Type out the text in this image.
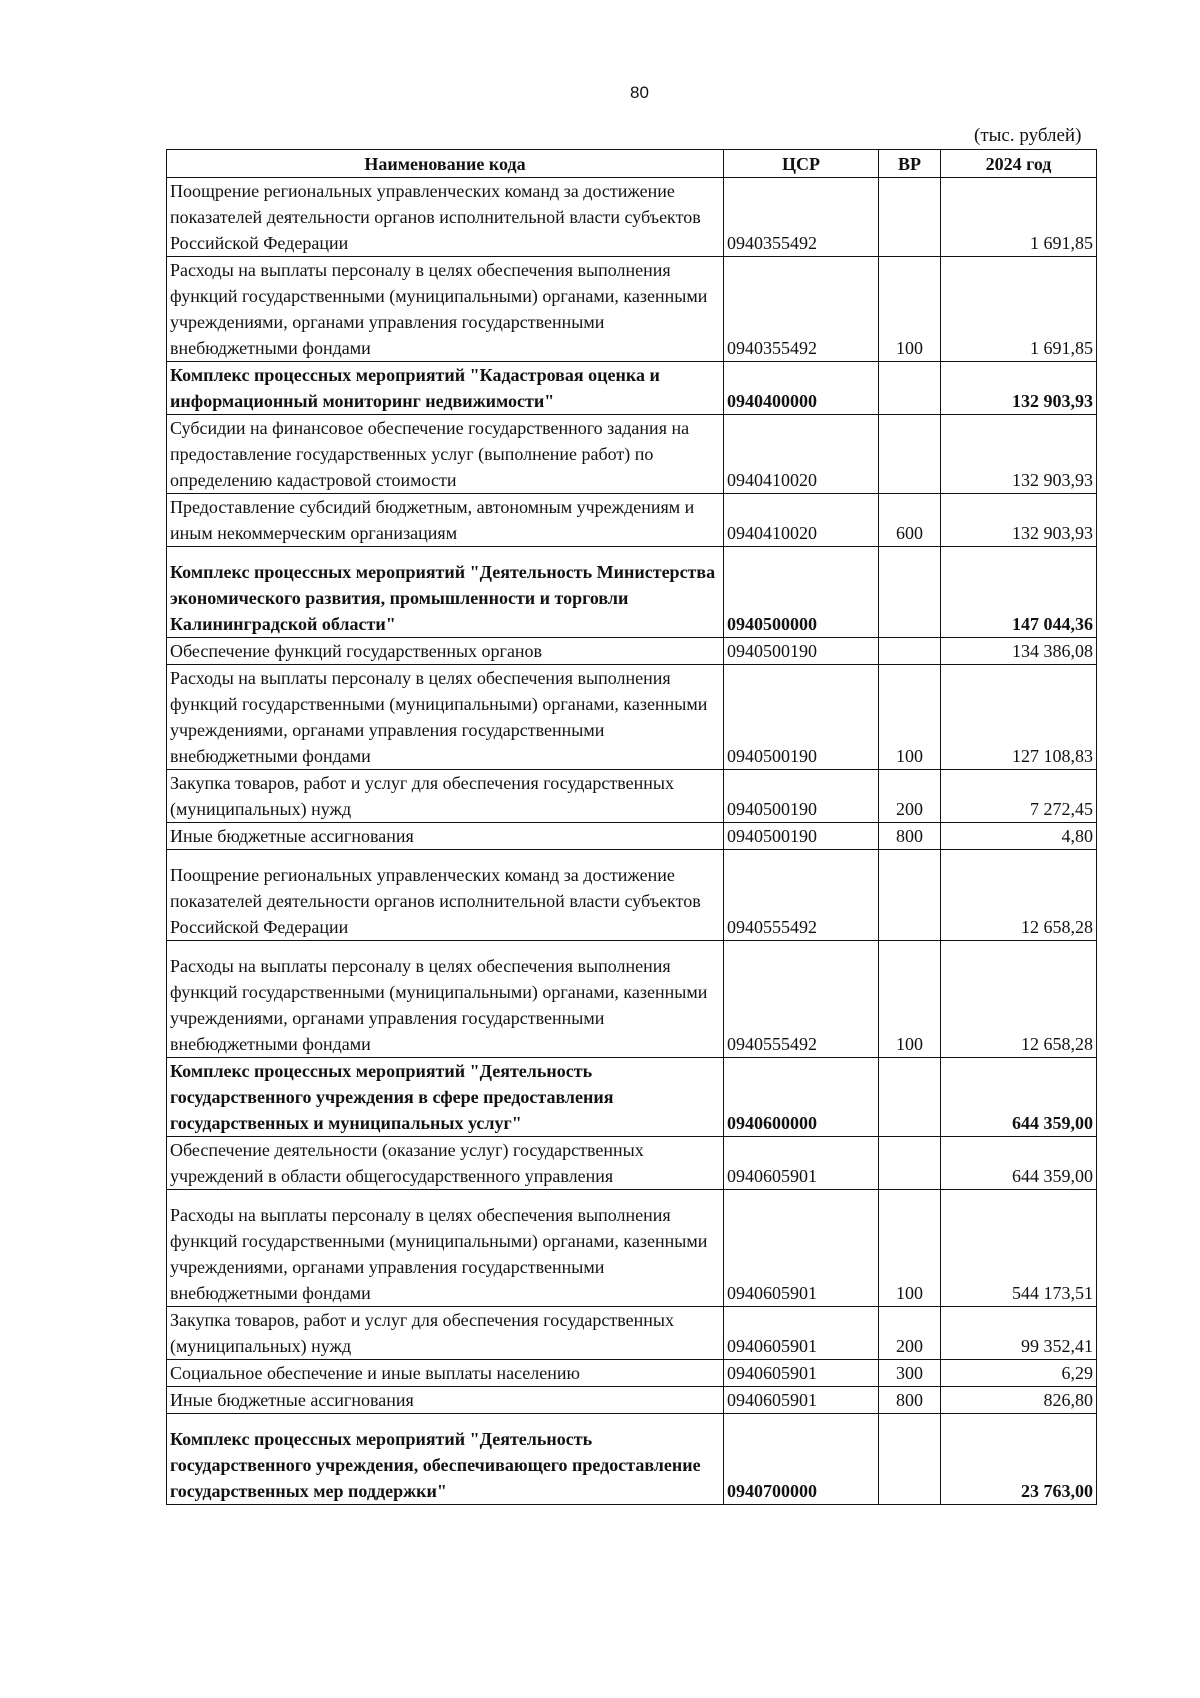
80
(тыс. рублей)
Наименование кода	ЦСР	ВР	2024 год
Поощрение региональных управленческих команд за достижение показателей деятельности органов исполнительной власти субъектов Российской Федерации	0940355492		1 691,85
Расходы на выплаты персоналу в целях обеспечения выполнения функций государственными (муниципальными) органами, казенными учреждениями, органами управления государственными внебюджетными фондами	0940355492	100	1 691,85
Комплекс процессных мероприятий "Кадастровая оценка и информационный мониторинг недвижимости"	0940400000		132 903,93
Субсидии на финансовое обеспечение государственного задания на предоставление государственных услуг (выполнение работ) по определению кадастровой стоимости	0940410020		132 903,93
Предоставление субсидий бюджетным, автономным учреждениям и иным некоммерческим организациям	0940410020	600	132 903,93
Комплекс процессных мероприятий "Деятельность Министерства экономического развития, промышленности и торговли Калининградской области"	0940500000		147 044,36
Обеспечение функций государственных органов	0940500190		134 386,08
Расходы на выплаты персоналу в целях обеспечения выполнения функций государственными (муниципальными) органами, казенными учреждениями, органами управления государственными внебюджетными фондами	0940500190	100	127 108,83
Закупка товаров, работ и услуг для обеспечения государственных (муниципальных) нужд	0940500190	200	7 272,45
Иные бюджетные ассигнования	0940500190	800	4,80
Поощрение региональных управленческих команд за достижение показателей деятельности органов исполнительной власти субъектов Российской Федерации	0940555492		12 658,28
Расходы на выплаты персоналу в целях обеспечения выполнения функций государственными (муниципальными) органами, казенными учреждениями, органами управления государственными внебюджетными фондами	0940555492	100	12 658,28
Комплекс процессных мероприятий "Деятельность государственного учреждения в сфере предоставления государственных и муниципальных услуг"	0940600000		644 359,00
Обеспечение деятельности (оказание услуг) государственных учреждений в области общегосударственного управления	0940605901		644 359,00
Расходы на выплаты персоналу в целях обеспечения выполнения функций государственными (муниципальными) органами, казенными учреждениями, органами управления государственными внебюджетными фондами	0940605901	100	544 173,51
Закупка товаров, работ и услуг для обеспечения государственных (муниципальных) нужд	0940605901	200	99 352,41
Социальное обеспечение и иные выплаты населению	0940605901	300	6,29
Иные бюджетные ассигнования	0940605901	800	826,80
Комплекс процессных мероприятий "Деятельность государственного учреждения, обеспечивающего предоставление государственных мер поддержки"	0940700000		23 763,00
